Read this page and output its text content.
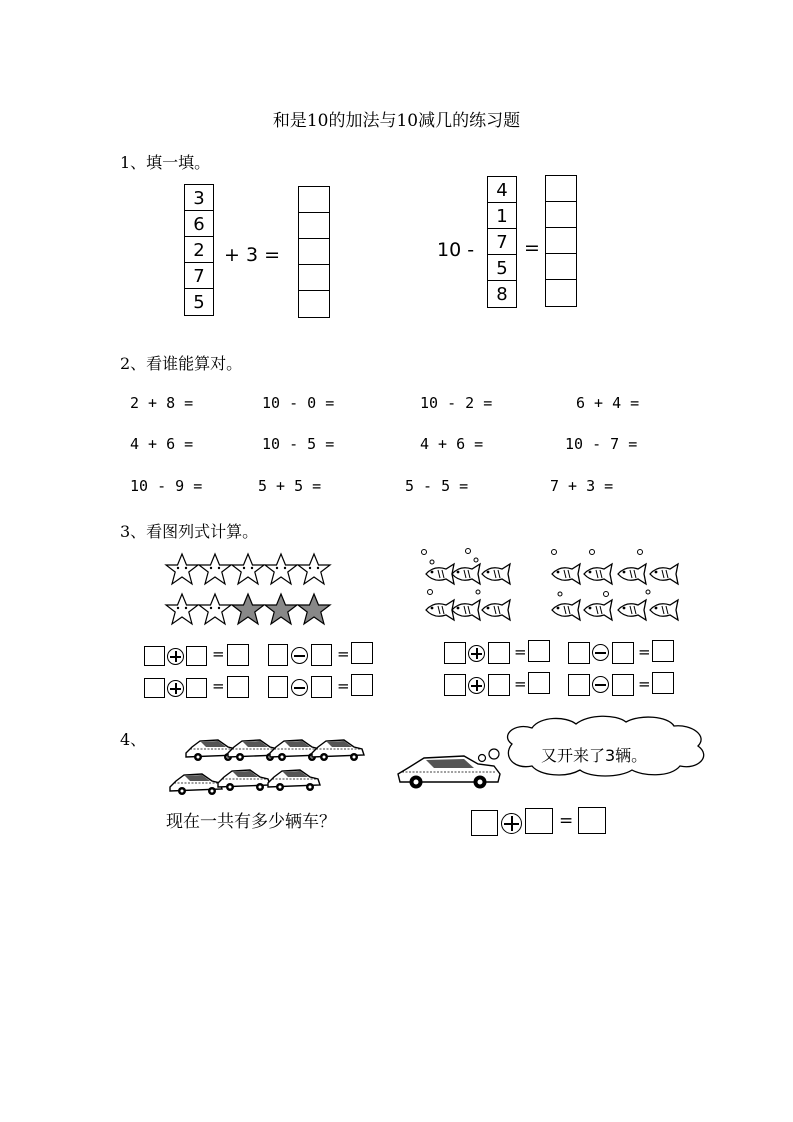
和是10的加法与10减几的练习题
1、填一填。
3
6
2
7
5
+ 3 =	10 -
4
1
7
5
8
=
2、看谁能算对。
2 + 8 =	10 - 0 =	10 - 2 =	6 + 4 =
4 + 6 =	10 - 5 =	4 + 6 =	10 - 7 =
10 - 9 =	5 + 5 =	5 - 5 =	7 + 3 =
3、看图列式计算。
=	=
=	=
=	=
=	=
4、
又开来了3辆。
现在一共有多少辆车？	=
